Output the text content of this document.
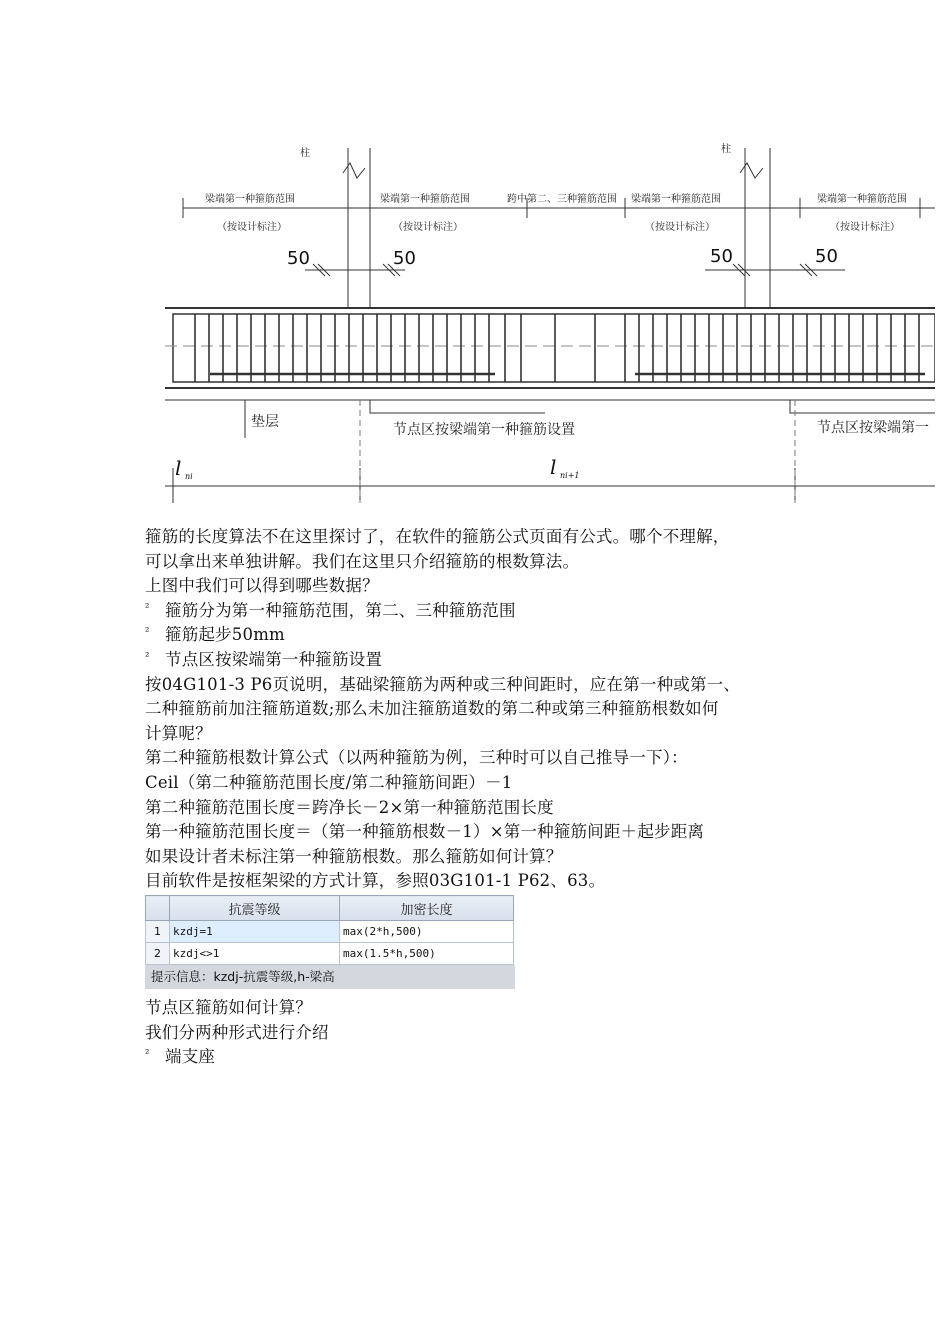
柱	柱
梁端第一种箍筋范围
（按设计标注）
梁端第一种箍筋范围
（按设计标注）
跨中第二、三种箍筋范围 梁端第一种箍筋范围
（按设计标注）
梁端第一种箍筋范围
（按设计标注）
50	50	50	50
垫层	节点区按梁端第一种箍筋设置	节点区按梁端第一
l ni	l ni+1
箍筋的长度算法不在这里探讨了，在软件的箍筋公式页面有公式。哪个不理解，
可以拿出来单独讲解。我们在这里只介绍箍筋的根数算法。
上图中我们可以得到哪些数据？
² 箍筋分为第一种箍筋范围，第二、三种箍筋范围
² 箍筋起步50mm
² 节点区按梁端第一种箍筋设置
按04G101-3 P6页说明，基础梁箍筋为两种或三种间距时，应在第一种或第一、
二种箍筋前加注箍筋道数;那么未加注箍筋道数的第二种或第三种箍筋根数如何
计算呢？
第二种箍筋根数计算公式（以两种箍筋为例，三种时可以自己推导一下）：
Ceil（第二种箍筋范围长度/第二种箍筋间距）－1
第二种箍筋范围长度＝跨净长－2×第一种箍筋范围长度
第一种箍筋范围长度＝（第一种箍筋根数－1）×第一种箍筋间距＋起步距离
如果设计者未标注第一种箍筋根数。那么箍筋如何计算？
目前软件是按框架梁的方式计算，参照03G101-1 P62、63。
	抗震等级	加密长度
1	kzdj=1	max(2*h,500)
2	kzdj<>1	max(1.5*h,500)
提示信息：kzdj-抗震等级,h-梁高
节点区箍筋如何计算？
我们分两种形式进行介绍
² 端支座
